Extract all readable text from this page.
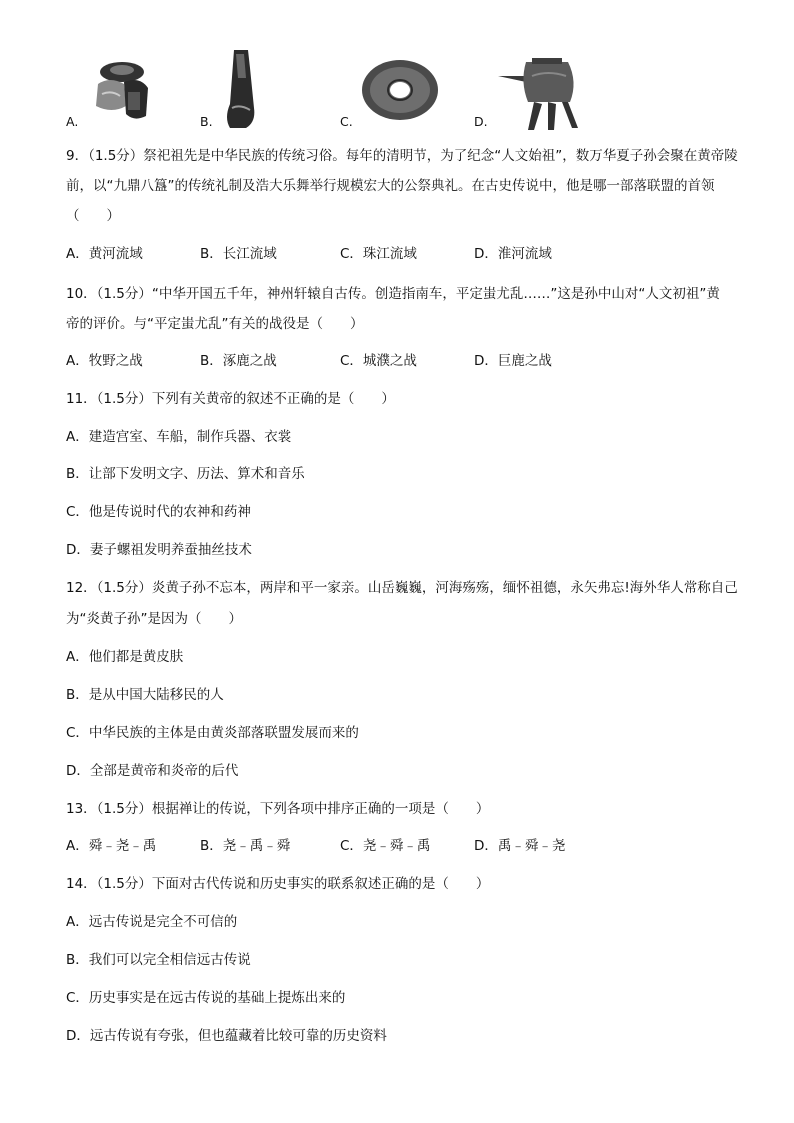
A.	B.	C.	D.
9．（1.5分）祭祀祖先是中华民族的传统习俗。每年的清明节，为了纪念“人文始祖”，数万华夏子孙会聚在黄帝陵
前，以“九鼎八簋”的传统礼制及浩大乐舞举行规模宏大的公祭典礼。在古史传说中，他是哪一部落联盟的首领
（　　）
A．黄河流域	B．长江流域	C．珠江流域	D．淮河流域
10．（1.5分）“中华开国五千年，神州轩辕自古传。创造指南车，平定蚩尤乱……”这是孙中山对“人文初祖”黄
帝的评价。与“平定蚩尤乱”有关的战役是（　　）
A．牧野之战	B．涿鹿之战	C．城濮之战	D．巨鹿之战
11．（1.5分）下列有关黄帝的叙述不正确的是（　　）
A．建造宫室、车船，制作兵器、衣裳
B．让部下发明文字、历法、算术和音乐
C．他是传说时代的农神和药神
D．妻子螺祖发明养蚕抽丝技术
12．（1.5分）炎黄子孙不忘本，两岸和平一家亲。山岳巍巍，河海殇殇，缅怀祖德，永矢弗忘!海外华人常称自己
为“炎黄子孙”是因为（　　）
A．他们都是黄皮肤
B．是从中国大陆移民的人
C．中华民族的主体是由黄炎部落联盟发展而来的
D．全部是黄帝和炎帝的后代
13．（1.5分）根据禅让的传说，下列各项中排序正确的一项是（　　）
A．舜﹣尧﹣禹	B．尧﹣禹﹣舜	C．尧﹣舜﹣禹	D．禹﹣舜﹣尧
14．（1.5分）下面对古代传说和历史事实的联系叙述正确的是（　　）
A．远古传说是完全不可信的
B．我们可以完全相信远古传说
C．历史事实是在远古传说的基础上提炼出来的
D．远古传说有夸张，但也蕴藏着比较可靠的历史资料
